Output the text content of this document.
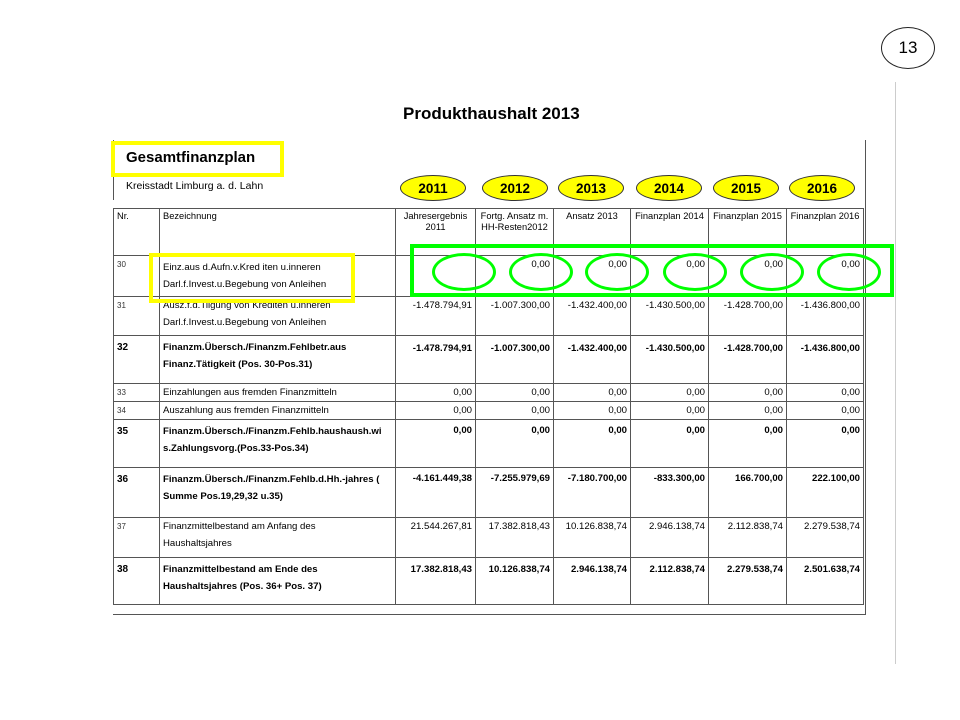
13
Produkthaushalt 2013
Gesamtfinanzplan
Kreisstadt Limburg a. d. Lahn	2011	2012	2013	2014	2015	2016
Nr.	Bezeichnung	Jahresergebnis 2011	Fortg. Ansatz m. HH-Resten2012	Ansatz 2013	Finanzplan 2014	Finanzplan 2015	Finanzplan 2016
30	Einz.aus d.Aufn.v.Kred iten u.inneren
Darl.f.Invest.u.Begebung von Anleihen		0,00	0,00	0,00	0,00	0,00
31	Ausz.f.d.Tilgung von Krediten u.inneren
Darl.f.Invest.u.Begebung von Anleihen	-1.478.794,91	-1.007.300,00	-1.432.400,00	-1.430.500,00	-1.428.700,00	-1.436.800,00
32	Finanzm.Übersch./Finanzm.Fehlbetr.aus
Finanz.Tätigkeit (Pos. 30-Pos.31)	-1.478.794,91	-1.007.300,00	-1.432.400,00	-1.430.500,00	-1.428.700,00	-1.436.800,00
33	Einzahlungen aus fremden Finanzmitteln	0,00	0,00	0,00	0,00	0,00	0,00
34	Auszahlung aus fremden Finanzmitteln	0,00	0,00	0,00	0,00	0,00	0,00
35	Finanzm.Übersch./Finanzm.Fehlb.haushaush.wi
s.Zahlungsvorg.(Pos.33-Pos.34)	0,00	0,00	0,00	0,00	0,00	0,00
36	Finanzm.Übersch./Finanzm.Fehlb.d.Hh.-jahres (
Summe Pos.19,29,32 u.35)	-4.161.449,38	-7.255.979,69	-7.180.700,00	-833.300,00	166.700,00	222.100,00
37	Finanzmittelbestand am Anfang des
Haushaltsjahres	21.544.267,81	17.382.818,43	10.126.838,74	2.946.138,74	2.112.838,74	2.279.538,74
38	Finanzmittelbestand am Ende des
Haushaltsjahres (Pos. 36+ Pos. 37)	17.382.818,43	10.126.838,74	2.946.138,74	2.112.838,74	2.279.538,74	2.501.638,74
